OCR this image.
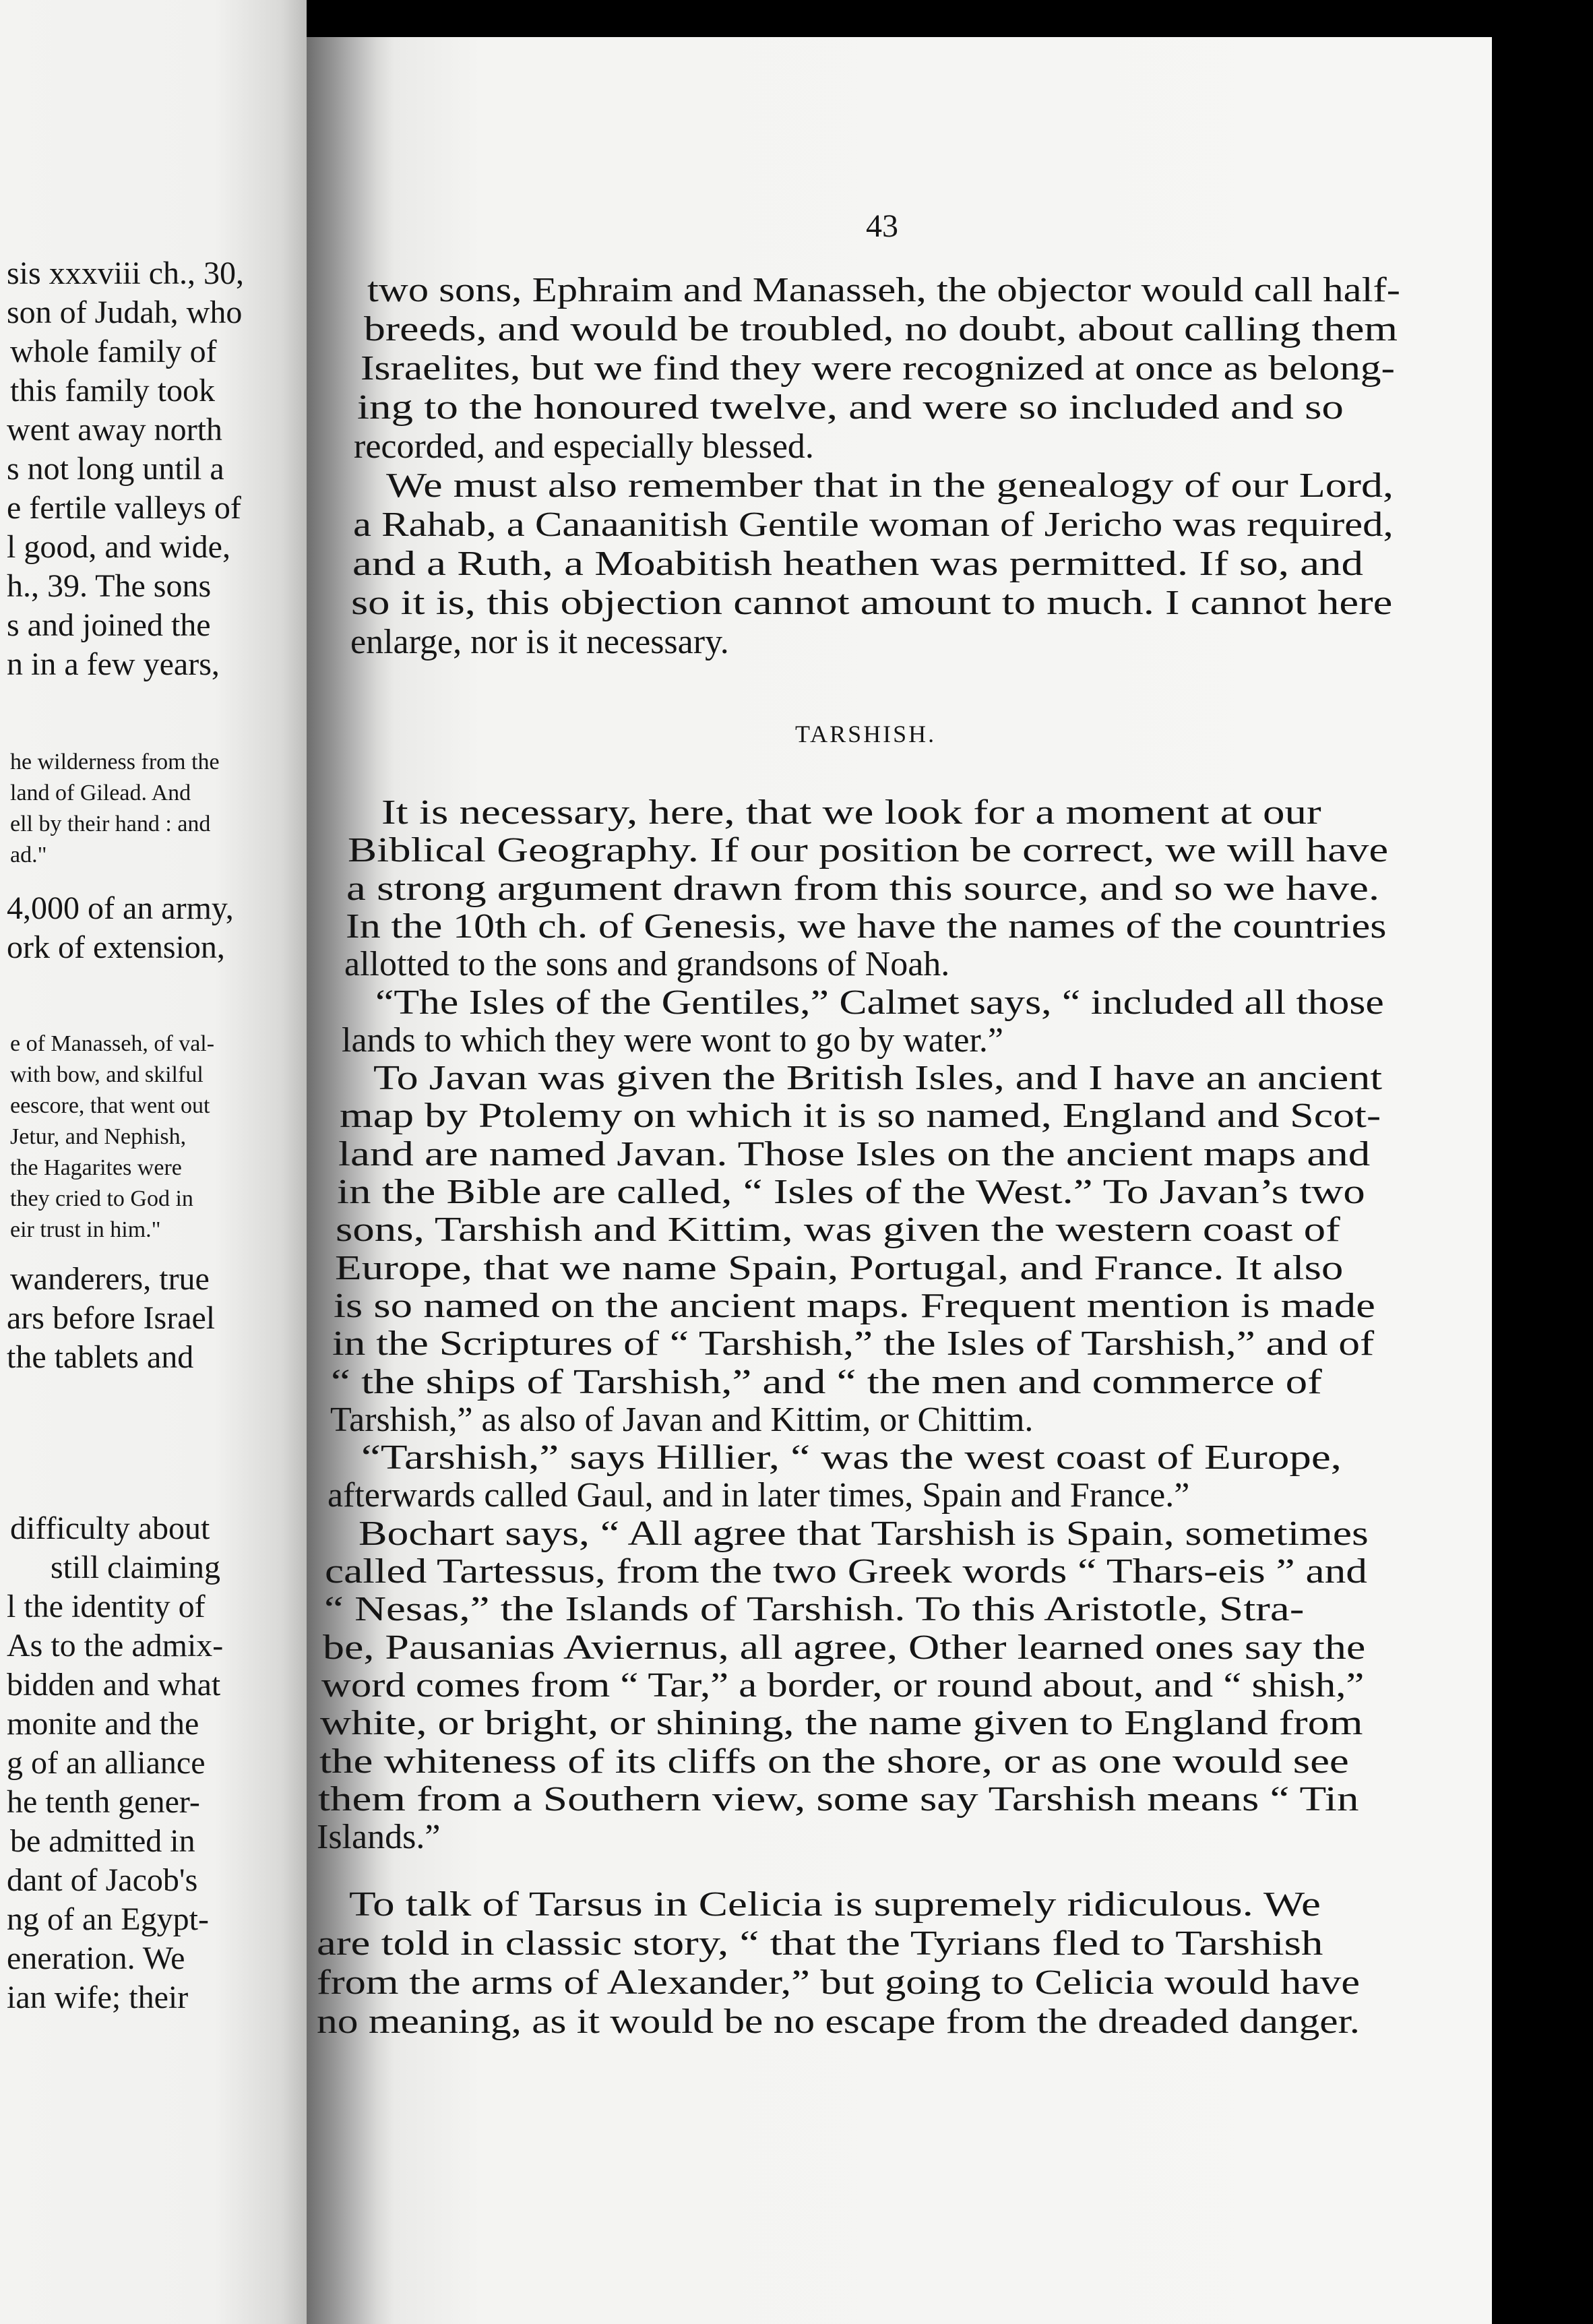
sis xxxviii ch., 30,
son of Judah, who
whole family of
this family took
went away north
s not long until a
e fertile valleys of
l good, and wide,
h., 39. The sons
s and joined the
n in a few years,
he wilderness from the
land of Gilead. And
ell by their hand : and
ad."
4,000 of an army,
ork of extension,
e of Manasseh, of val-
with bow, and skilful
eescore, that went out
Jetur, and Nephish,
the Hagarites were
they cried to God in
eir trust in him."
wanderers, true
ars before Israel
the tablets and
difficulty about
still claiming
l the identity of
As to the admix-
bidden and what
monite and the
g of an alliance
he tenth gener-
be admitted in
dant of Jacob's
ng of an Egypt-
eneration. We
ian wife; their
43
two sons, Ephraim and Manasseh, the objector would call half-
breeds, and would be troubled, no doubt, about calling them
Israelites, but we find they were recognized at once as belong-
ing to the honoured twelve, and were so included and so
recorded, and especially blessed.
We must also remember that in the genealogy of our Lord,
a Rahab, a Canaanitish Gentile woman of Jericho was required,
and a Ruth, a Moabitish heathen was permitted. If so, and
so it is, this objection cannot amount to much. I cannot here
enlarge, nor is it necessary.
It is necessary, here, that we look for a moment at our
Biblical Geography. If our position be correct, we will have
a strong argument drawn from this source, and so we have.
In the 10th ch. of Genesis, we have the names of the countries
allotted to the sons and grandsons of Noah.
“The Isles of the Gentiles,” Calmet says, “ included all those
lands to which they were wont to go by water.”
To Javan was given the British Isles, and I have an ancient
map by Ptolemy on which it is so named, England and Scot-
land are named Javan. Those Isles on the ancient maps and
in the Bible are called, “ Isles of the West.” To Javan’s two
sons, Tarshish and Kittim, was given the western coast of
Europe, that we name Spain, Portugal, and France. It also
is so named on the ancient maps. Frequent mention is made
in the Scriptures of “ Tarshish,” the Isles of Tarshish,” and of
“ the ships of Tarshish,” and “ the men and commerce of
Tarshish,” as also of Javan and Kittim, or Chittim.
“Tarshish,” says Hillier, “ was the west coast of Europe,
afterwards called Gaul, and in later times, Spain and France.”
Bochart says, “ All agree that Tarshish is Spain, sometimes
called Tartessus, from the two Greek words “ Thars-eis ” and
“ Nesas,” the Islands of Tarshish. To this Aristotle, Stra-
be, Pausanias Aviernus, all agree, Other learned ones say the
word comes from “ Tar,” a border, or round about, and “ shish,”
white, or bright, or shining, the name given to England from
the whiteness of its cliffs on the shore, or as one would see
them from a Southern view, some say Tarshish means “ Tin
Islands.”
To talk of Tarsus in Celicia is supremely ridiculous. We
are told in classic story, “ that the Tyrians fled to Tarshish
from the arms of Alexander,” but going to Celicia would have
no meaning, as it would be no escape from the dreaded danger.
TARSHISH.
